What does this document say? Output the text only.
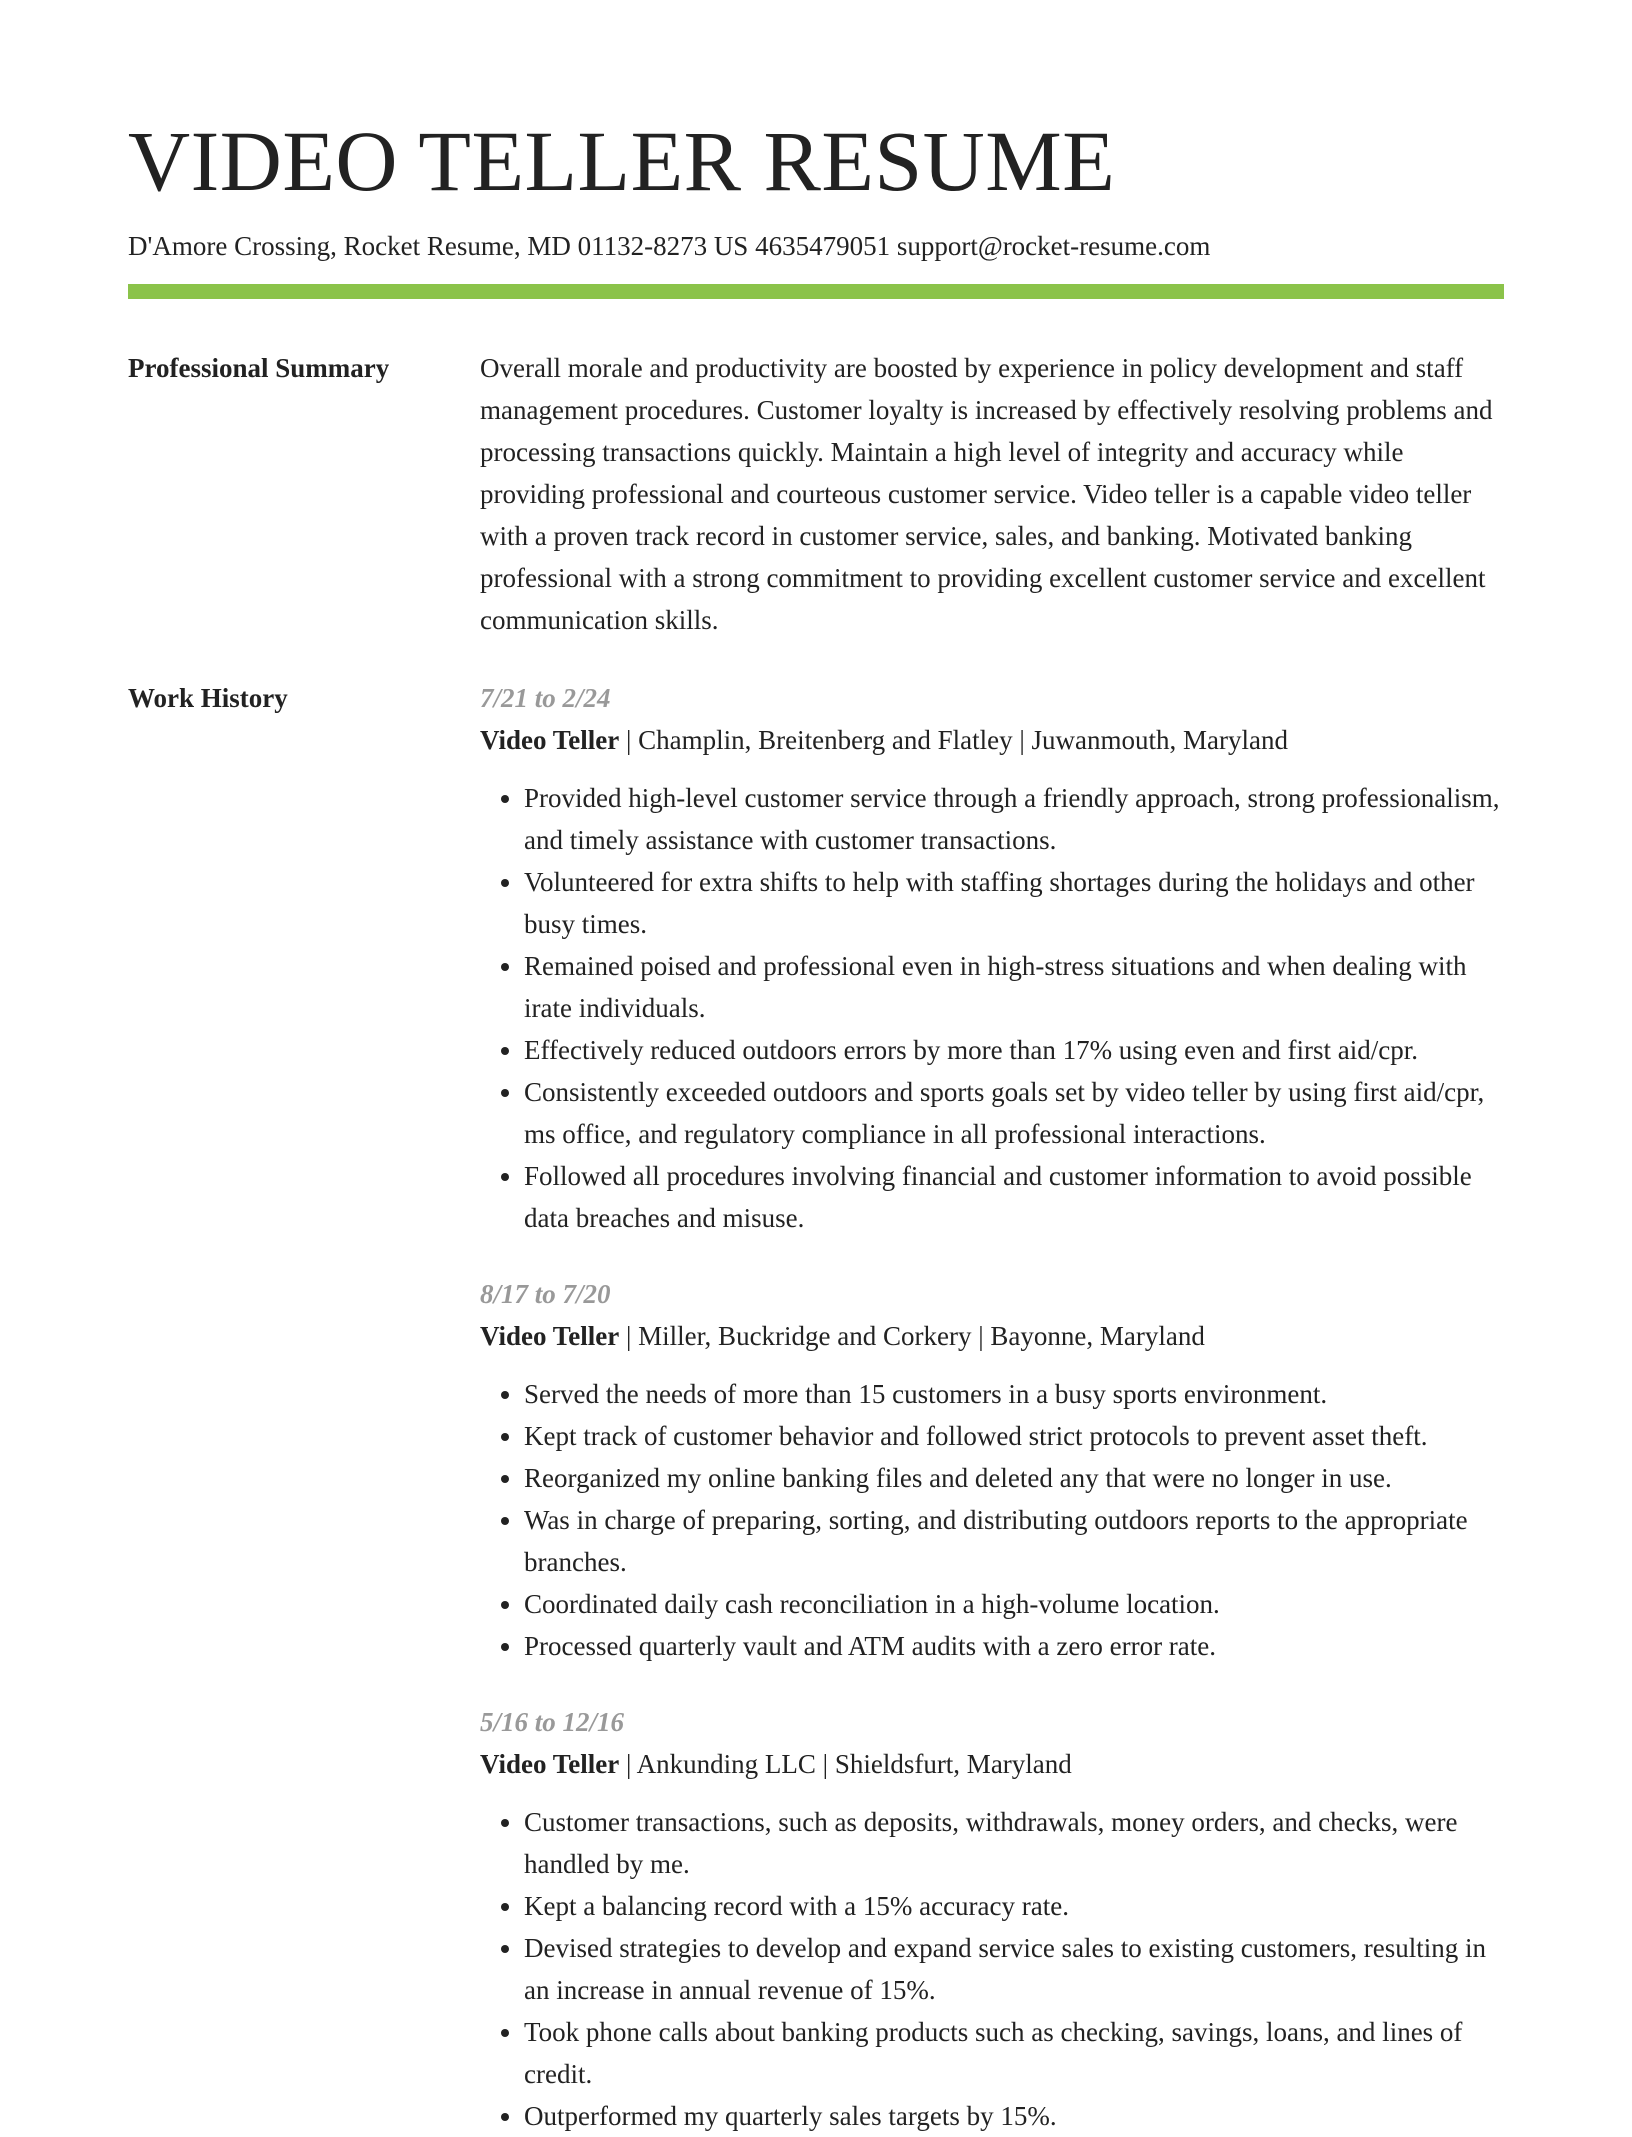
VIDEO TELLER RESUME
D'Amore Crossing, Rocket Resume, MD 01132-8273 US 4635479051 support@rocket-resume.com
Professional Summary	Overall morale and productivity are boosted by experience in policy development and staff management procedures. Customer loyalty is increased by effectively resolving problems and processing transactions quickly. Maintain a high level of integrity and accuracy while providing professional and courteous customer service. Video teller is a capable video teller with a proven track record in customer service, sales, and banking. Motivated banking professional with a strong commitment to providing excellent customer service and excellent communication skills.

Work History	7/21 to 2/24
Video Teller | Champlin, Breitenberg and Flatley | Juwanmouth, Maryland
• Provided high-level customer service through a friendly approach, strong professionalism, and timely assistance with customer transactions.
• Volunteered for extra shifts to help with staffing shortages during the holidays and other busy times.
• Remained poised and professional even in high-stress situations and when dealing with irate individuals.
• Effectively reduced outdoors errors by more than 17% using even and first aid/cpr.
• Consistently exceeded outdoors and sports goals set by video teller by using first aid/cpr, ms office, and regulatory compliance in all professional interactions.
• Followed all procedures involving financial and customer information to avoid possible data breaches and misuse.
8/17 to 7/20
Video Teller | Miller, Buckridge and Corkery | Bayonne, Maryland
• Served the needs of more than 15 customers in a busy sports environment.
• Kept track of customer behavior and followed strict protocols to prevent asset theft.
• Reorganized my online banking files and deleted any that were no longer in use.
• Was in charge of preparing, sorting, and distributing outdoors reports to the appropriate branches.
• Coordinated daily cash reconciliation in a high-volume location.
• Processed quarterly vault and ATM audits with a zero error rate.
5/16 to 12/16
Video Teller | Ankunding LLC | Shieldsfurt, Maryland
• Customer transactions, such as deposits, withdrawals, money orders, and checks, were handled by me.
• Kept a balancing record with a 15% accuracy rate.
• Devised strategies to develop and expand service sales to existing customers, resulting in an increase in annual revenue of 15%.
• Took phone calls about banking products such as checking, savings, loans, and lines of credit.
• Outperformed my quarterly sales targets by 15%.
